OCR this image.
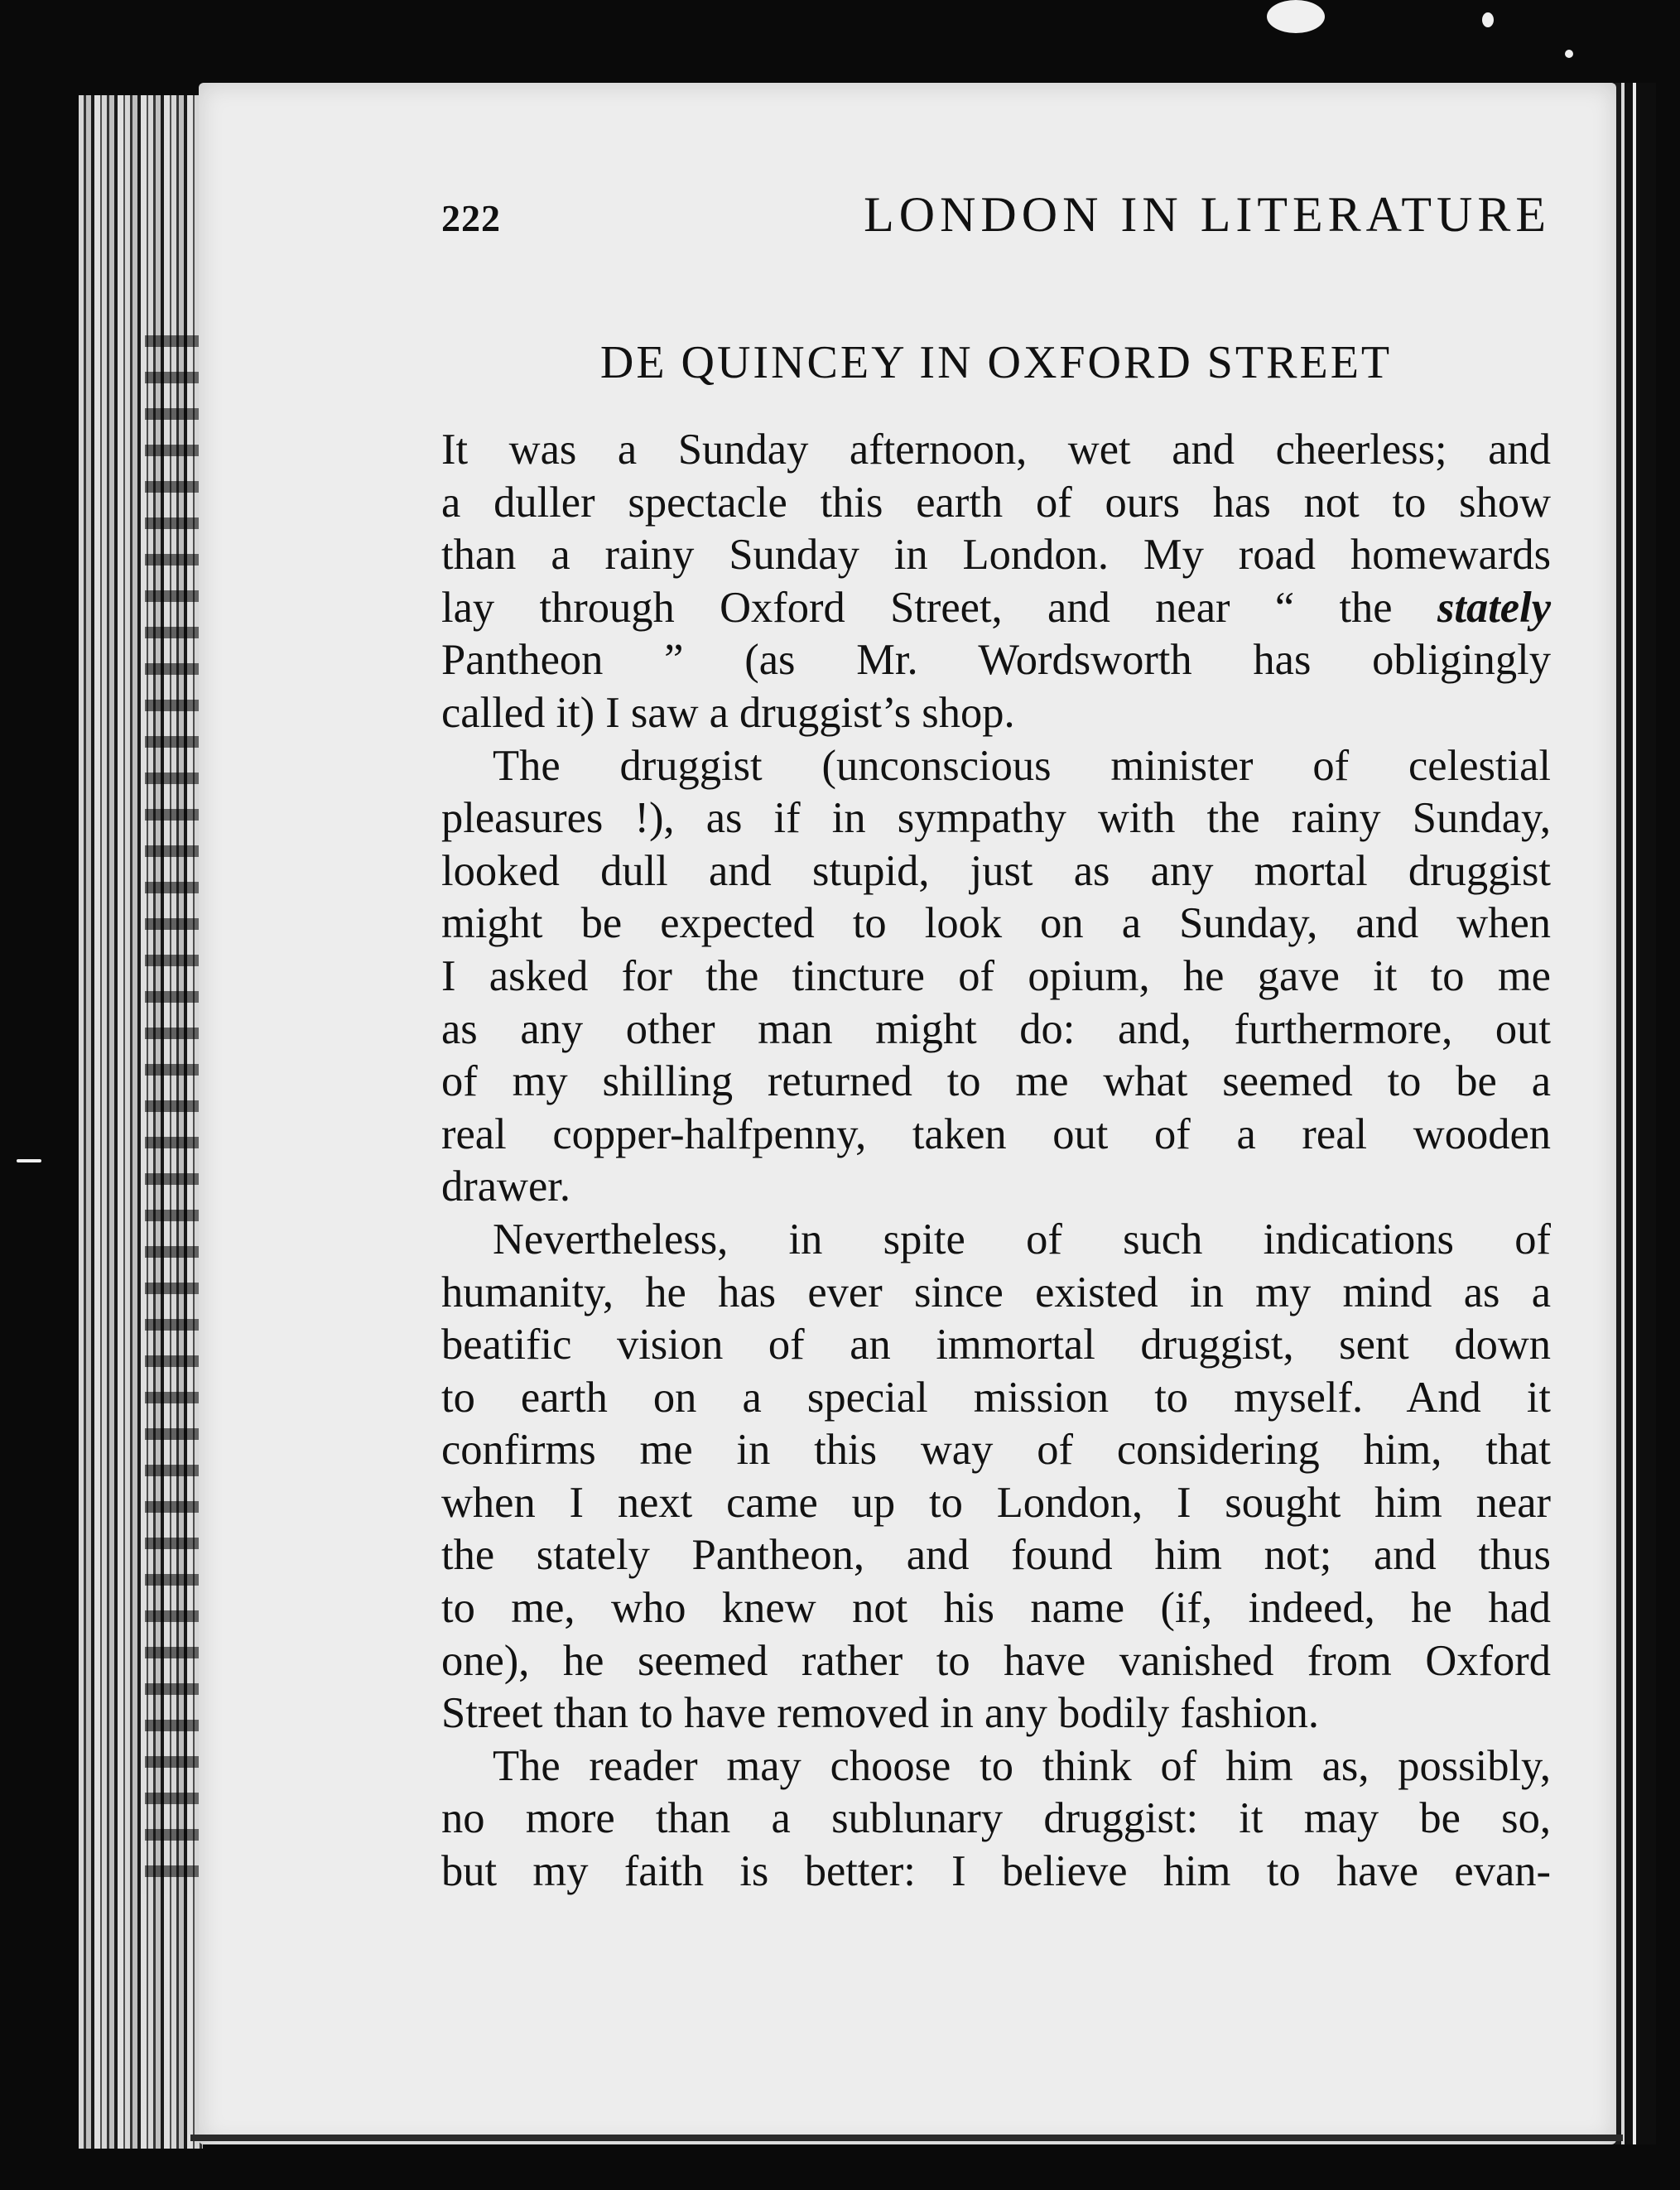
222	LONDON IN LITERATURE
DE QUINCEY IN OXFORD STREET
It was a Sunday afternoon, wet and cheerless; and
a duller spectacle this earth of ours has not to show
than a rainy Sunday in London. My road homewards
lay through Oxford Street, and near “ the stately
Pantheon ” (as Mr. Wordsworth has obligingly
called it) I saw a druggist’s shop.
The druggist (unconscious minister of celestial
pleasures !), as if in sympathy with the rainy Sunday,
looked dull and stupid, just as any mortal druggist
might be expected to look on a Sunday, and when
I asked for the tincture of opium, he gave it to me
as any other man might do: and, furthermore, out
of my shilling returned to me what seemed to be a
real copper-halfpenny, taken out of a real wooden
drawer.
Nevertheless, in spite of such indications of
humanity, he has ever since existed in my mind as a
beatific vision of an immortal druggist, sent down
to earth on a special mission to myself. And it
confirms me in this way of considering him, that
when I next came up to London, I sought him near
the stately Pantheon, and found him not; and thus
to me, who knew not his name (if, indeed, he had
one), he seemed rather to have vanished from Oxford
Street than to have removed in any bodily fashion.
The reader may choose to think of him as, possibly,
no more than a sublunary druggist: it may be so,
but my faith is better: I believe him to have evan-
